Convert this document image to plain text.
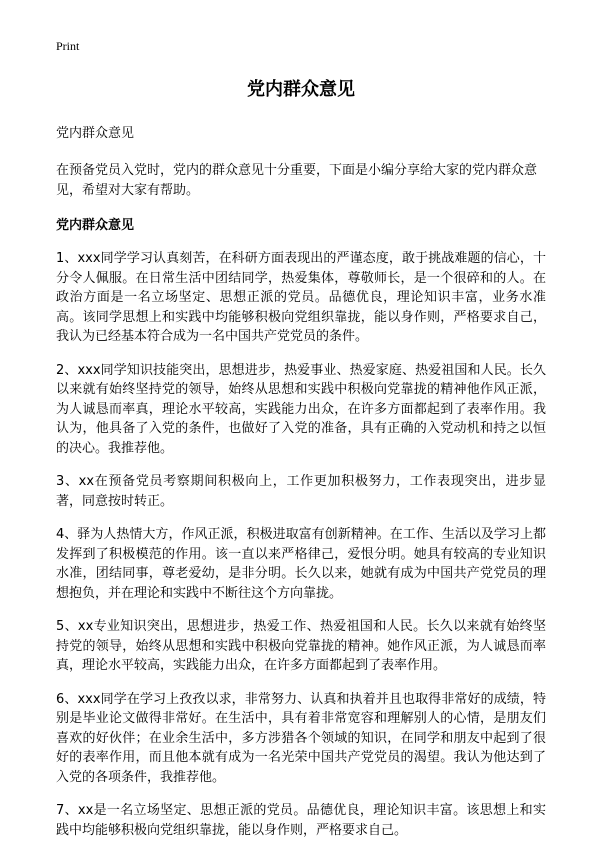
Print
党内群众意见
党内群众意见
在预备党员入党时，党内的群众意见十分重要，下面是小编分享给大家的党内群众意见，希望对大家有帮助。
党内群众意见
1、xxx同学学习认真刻苦，在科研方面表现出的严谨态度，敢于挑战难题的信心，十分令人佩服。在日常生活中团结同学，热爱集体，尊敬师长，是一个很碎和的人。在政治方面是一名立场坚定、思想正派的党员。品德优良，理论知识丰富，业务水准高。该同学思想上和实践中均能够积极向党组织靠拢，能以身作则，严格要求自己，我认为已经基本符合成为一名中国共产党党员的条件。
2、xxx同学知识技能突出，思想进步，热爱事业、热爱家庭、热爱祖国和人民。长久以来就有始终坚持党的领导，始终从思想和实践中积极向党靠拢的精神他作风正派，为人诚恳而率真，理论水平较高，实践能力出众，在许多方面都起到了表率作用。我认为，他具备了入党的条件，也做好了入党的准备，具有正确的入党动机和持之以恒的决心。我推荐他。
3、xx在预备党员考察期间积极向上，工作更加积极努力，工作表现突出，进步显著，同意按时转正。
4、驿为人热情大方，作风正派，积极进取富有创新精神。在工作、生活以及学习上都发挥到了积极模范的作用。该一直以来严格律己，爱恨分明。她具有较高的专业知识水准，团结同事，尊老爱幼，是非分明。长久以来，她就有成为中国共产党党员的理想抱负，并在理论和实践中不断往这个方向靠拢。
5、xx专业知识突出，思想进步，热爱工作、热爱祖国和人民。长久以来就有始终坚持党的领导，始终从思想和实践中积极向党靠拢的精神。她作风正派，为人诚恳而率真，理论水平较高，实践能力出众，在许多方面都起到了表率作用。
6、xxx同学在学习上孜孜以求，非常努力、认真和执着并且也取得非常好的成绩，特别是毕业论文做得非常好。在生活中，具有着非常宽容和理解别人的心情，是朋友们喜欢的好伙伴；在业余生活中，多方涉猎各个领域的知识，在同学和朋友中起到了很好的表率作用，而且他本就有成为一名光荣中国共产党党员的渴望。我认为他达到了入党的各项条件，我推荐他。
7、xx是一名立场坚定、思想正派的党员。品德优良，理论知识丰富。该思想上和实践中均能够积极向党组织靠拢，能以身作则，严格要求自己。
